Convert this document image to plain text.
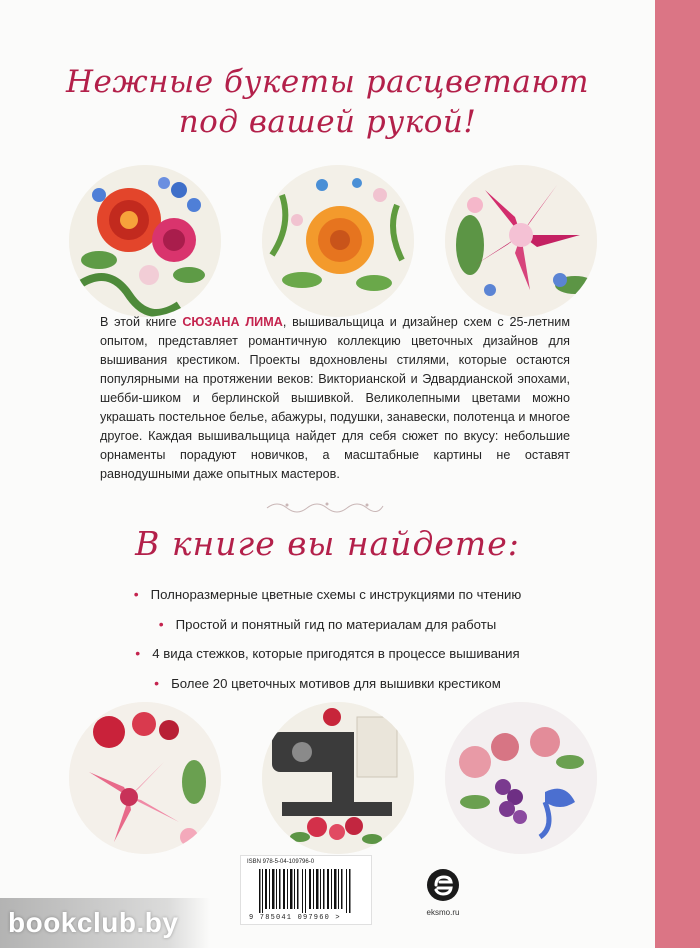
Нежные букеты расцветают
под вашей рукой!
В этой книге СЮЗАНА ЛИМА, вышивальщица и дизайнер схем с 25-летним опытом, представляет романтичную коллекцию цветочных дизайнов для вышивания крестиком. Проекты вдохновлены стилями, которые остаются популярными на протяжении веков: Викторианской и Эдвардианской эпохами, шебби-шиком и берлинской вышивкой. Великолепными цветами можно украшать постельное белье, абажуры, подушки, занавески, полотенца и многое другое. Каждая вышивальщица найдет для себя сюжет по вкусу: небольшие орнаменты порадуют новичков, а масштабные картины не оставят равнодушными даже опытных мастеров.
В книге вы найдете:
• Полноразмерные цветные схемы с инструкциями по чтению
• Простой и понятный гид по материалам для работы
• 4 вида стежков, которые пригодятся в процессе вышивания
• Более 20 цветочных мотивов для вышивки крестиком
ISBN 978-5-04-109796-0
9 785041 097960 >
eksmo.ru
bookclub.by
